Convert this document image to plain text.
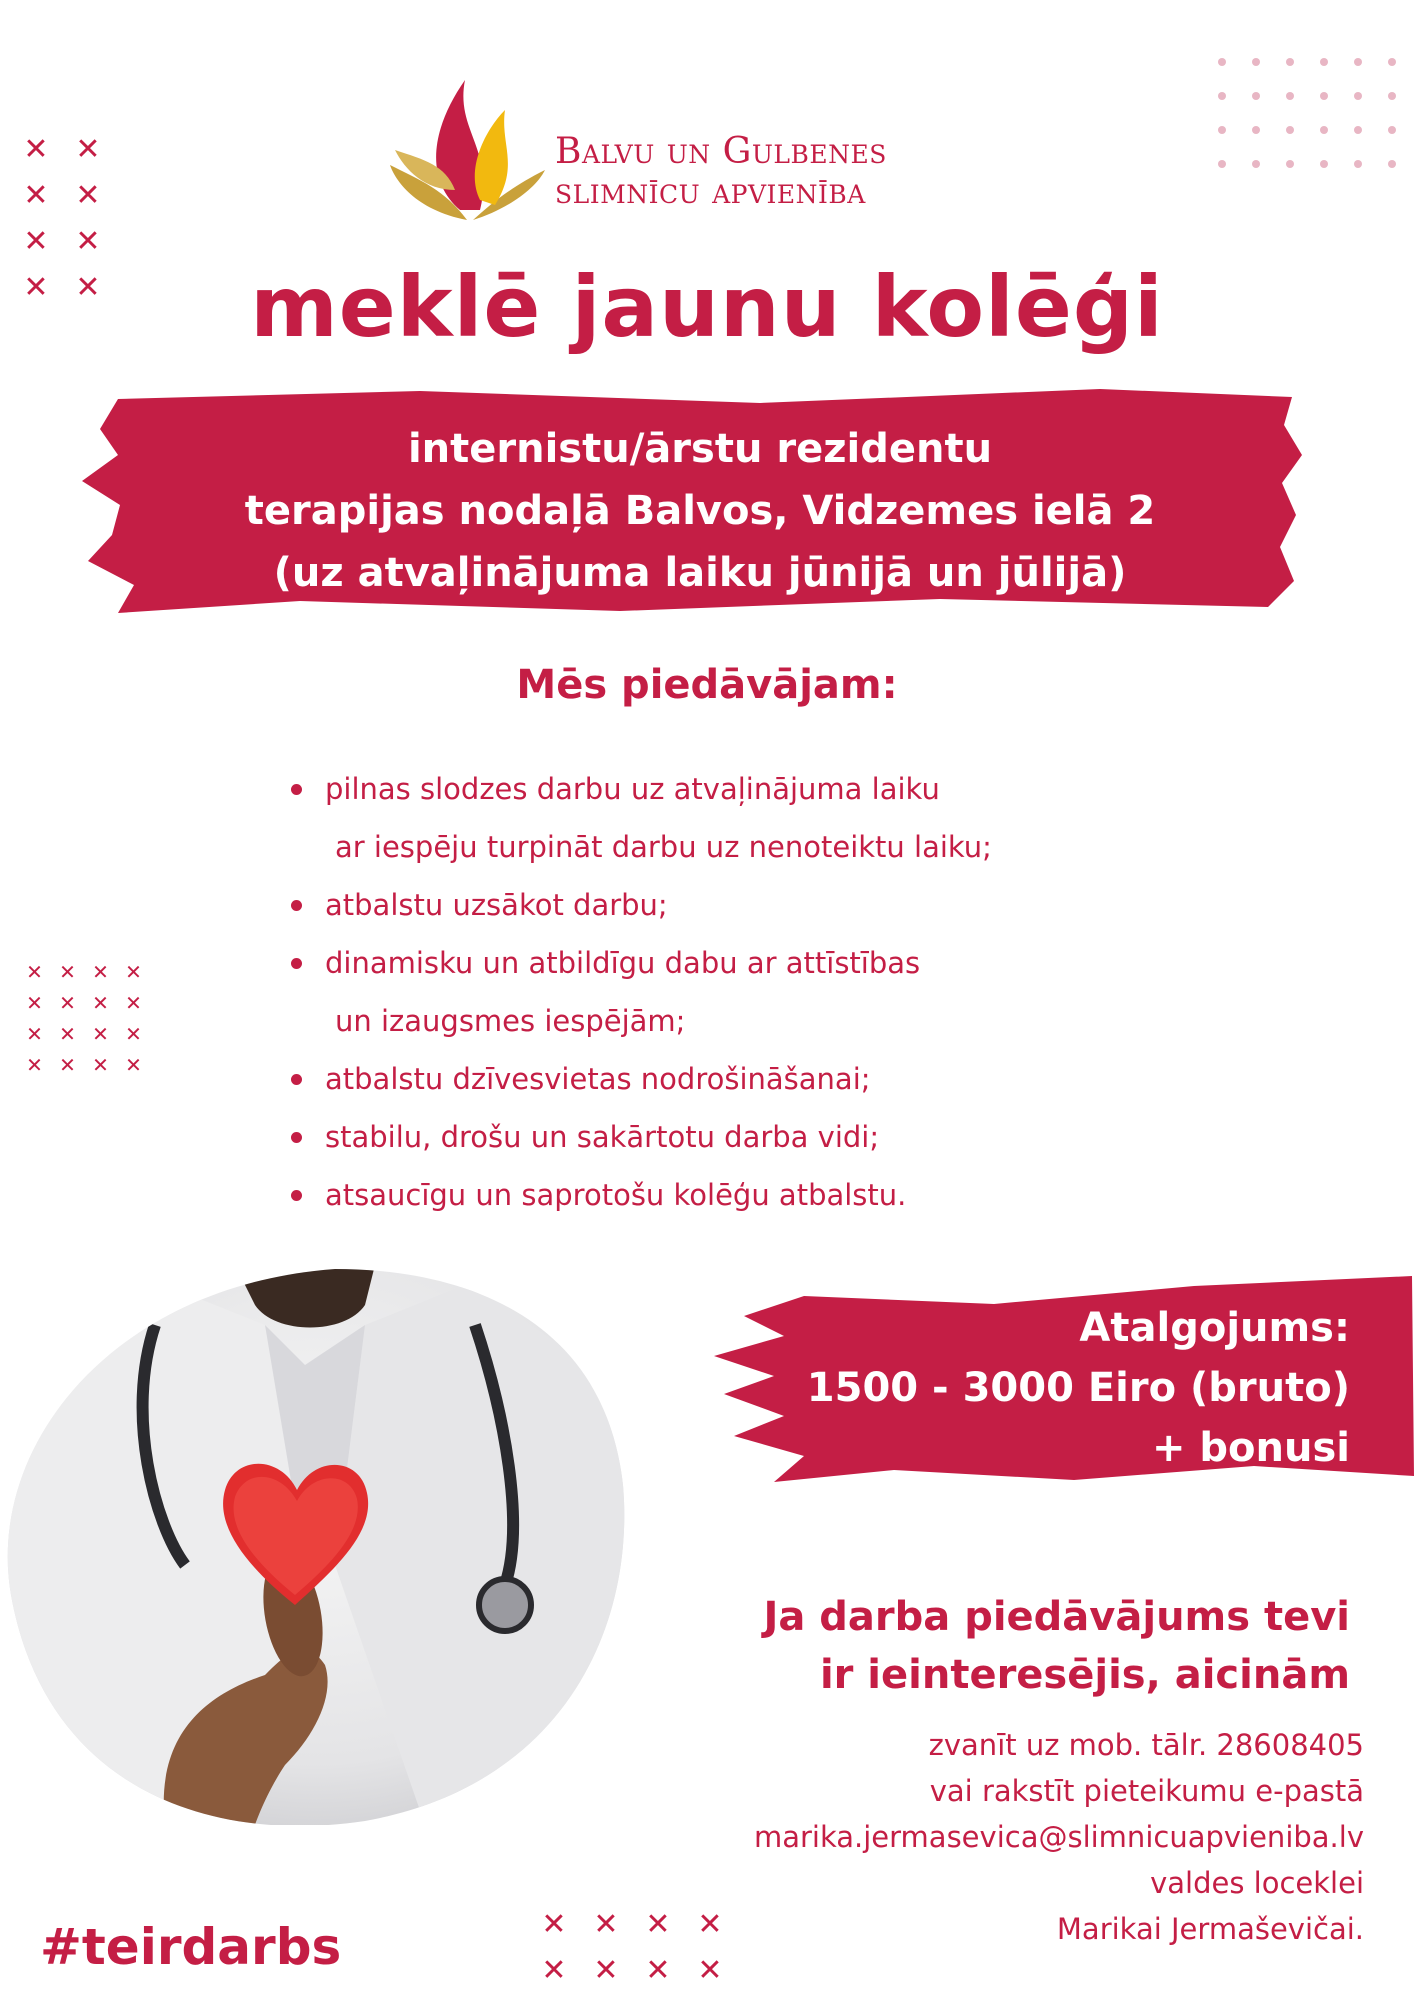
✕ ✕
✕ ✕
✕ ✕
✕ ✕
✕ ✕ ✕ ✕
✕ ✕ ✕ ✕
✕ ✕ ✕ ✕
✕ ✕ ✕ ✕
✕ ✕ ✕ ✕
✕ ✕ ✕ ✕
Balvu un Gulbenes
slimnīcu apvienība
meklē jaunu kolēģi
internistu/ārstu rezidentu
terapijas nodaļā Balvos, Vidzemes ielā 2
(uz atvaļinājuma laiku jūnijā un jūlijā)
Mēs piedāvājam:
pilnas slodzes darbu uz atvaļinājuma laiku
ar iespēju turpināt darbu uz nenoteiktu laiku;
atbalstu uzsākot darbu;
dinamisku un atbildīgu dabu ar attīstības
un izaugsmes iespējām;
atbalstu dzīvesvietas nodrošināšanai;
stabilu, drošu un sakārtotu darba vidi;
atsaucīgu un saprotošu kolēģu atbalstu.
Atalgojums:
1500 - 3000 Eiro (bruto)
+ bonusi
Ja darba piedāvājums tevi
ir ieinteresējis, aicinām
zvanīt uz mob. tālr. 28608405
vai rakstīt pieteikumu e-pastā
marika.jermasevica@slimnicuapvieniba.lv
valdes loceklei
Marikai Jermaševičai.
#teirdarbs
